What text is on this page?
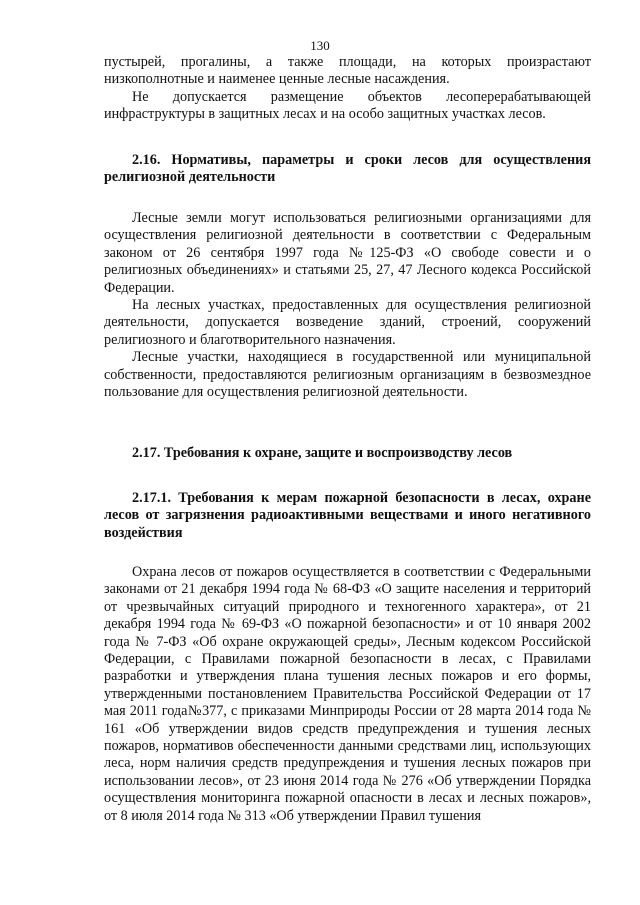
130

пустырей, прогалины, а также площади, на которых произрастают низкополнотные и наименее ценные лесные насаждения.

Не допускается размещение объектов лесоперерабатывающей инфраструктуры в защитных лесах и на особо защитных участках лесов.

2.16. Нормативы, параметры и сроки лесов для осуществления религиозной деятельности

Лесные земли могут использоваться религиозными организациями для осуществления религиозной деятельности в соответствии с Федеральным законом от 26 сентября 1997 года №125-ФЗ «О свободе совести и о религиозных объединениях» и статьями 25, 27, 47 Лесного кодекса Российской Федерации.

На лесных участках, предоставленных для осуществления религиозной деятельности, допускается возведение зданий, строений, сооружений религиозного и благотворительного назначения.

Лесные участки, находящиеся в государственной или муниципальной собственности, предоставляются религиозным организациям в безвозмездное пользование для осуществления религиозной деятельности.

2.17. Требования к охране, защите и воспроизводству лесов
2.17.1. Требования к мерам пожарной безопасности в лесах, охране лесов от загрязнения радиоактивными веществами и иного негативного воздействия

Охрана лесов от пожаров осуществляется в соответствии с Федеральными законами от 21 декабря 1994 года № 68-ФЗ «О защите населения и территорий от чрезвычайных ситуаций природного и техногенного характера», от 21 декабря 1994 года № 69-ФЗ «О пожарной безопасности» и от 10 января 2002 года № 7-ФЗ «Об охране окружающей среды», Лесным кодексом Российской Федерации, с Правилами пожарной безопасности в лесах, с Правилами разработки и утверждения плана тушения лесных пожаров и его формы, утвержденными постановлением Правительства Российской Федерации от 17 мая 2011 года№377, с приказами Минприроды России от 28 марта 2014 года № 161 «Об утверждении видов средств предупреждения и тушения лесных пожаров, нормативов обеспеченности данными средствами лиц, использующих леса, норм наличия средств предупреждения и тушения лесных пожаров при использовании лесов», от 23 июня 2014 года № 276 «Об утверждении Порядка осуществления мониторинга пожарной опасности в лесах и лесных пожаров», от 8 июля 2014 года № 313 «Об утверждении Правил тушения
